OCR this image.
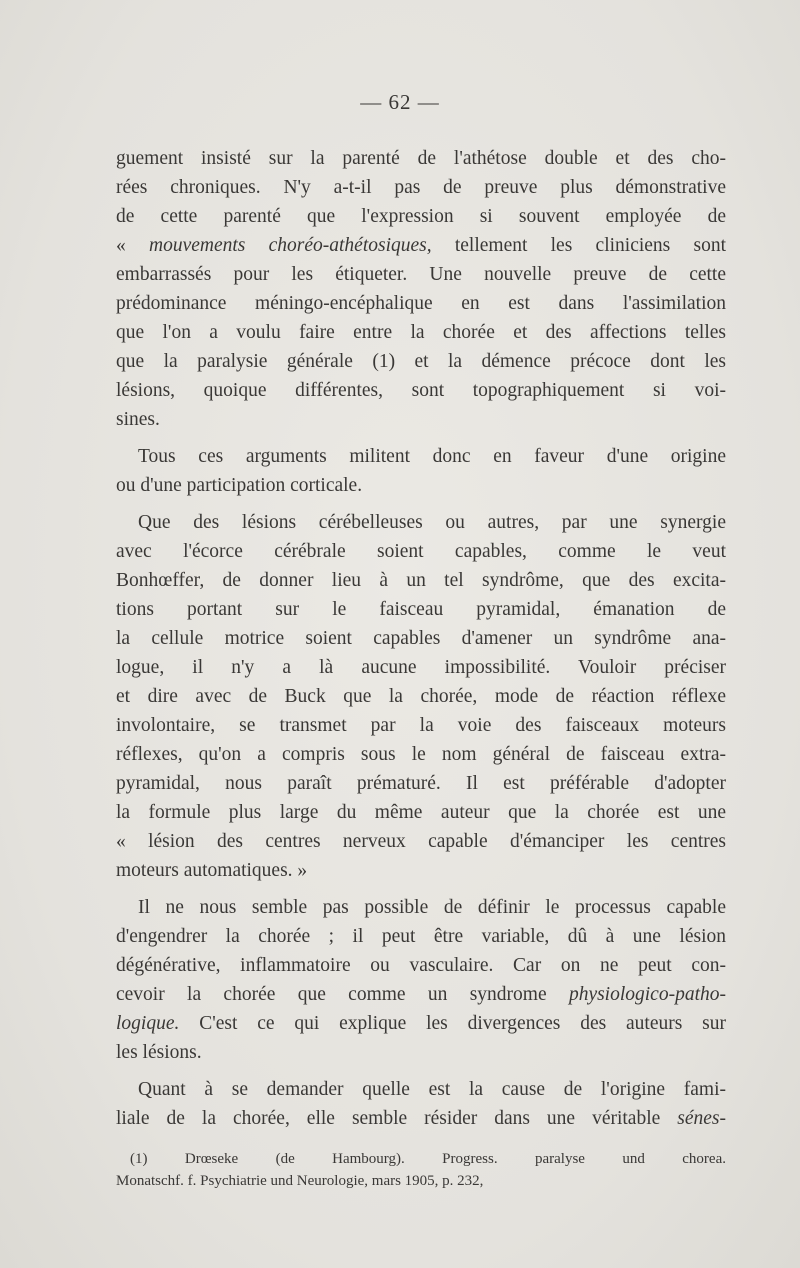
— 62 —
guement insisté sur la parenté de l'athétose double et des cho-
rées chroniques. N'y a-t-il pas de preuve plus démonstrative
de cette parenté que l'expression si souvent employée de
« mouvements choréo-athétosiques, tellement les cliniciens sont
embarrassés pour les étiqueter. Une nouvelle preuve de cette
prédominance méningo-encéphalique en est dans l'assimilation
que l'on a voulu faire entre la chorée et des affections telles
que la paralysie générale (1) et la démence précoce dont les
lésions, quoique différentes, sont topographiquement si voi-
sines.
Tous ces arguments militent donc en faveur d'une origine
ou d'une participation corticale.
Que des lésions cérébelleuses ou autres, par une synergie
avec l'écorce cérébrale soient capables, comme le veut
Bonhœffer, de donner lieu à un tel syndrôme, que des excita-
tions portant sur le faisceau pyramidal, émanation de
la cellule motrice soient capables d'amener un syndrôme ana-
logue, il n'y a là aucune impossibilité. Vouloir préciser
et dire avec de Buck que la chorée, mode de réaction réflexe
involontaire, se transmet par la voie des faisceaux moteurs
réflexes, qu'on a compris sous le nom général de faisceau extra-
pyramidal, nous paraît prématuré. Il est préférable d'adopter
la formule plus large du même auteur que la chorée est une
« lésion des centres nerveux capable d'émanciper les centres
moteurs automatiques. »
Il ne nous semble pas possible de définir le processus capable
d'engendrer la chorée ; il peut être variable, dû à une lésion
dégénérative, inflammatoire ou vasculaire. Car on ne peut con-
cevoir la chorée que comme un syndrome physiologico-patho-
logique. C'est ce qui explique les divergences des auteurs sur
les lésions.
Quant à se demander quelle est la cause de l'origine fami-
liale de la chorée, elle semble résider dans une véritable sénes-
(1) Drœseke (de Hambourg). Progress. paralyse und chorea.
Monatschf. f. Psychiatrie und Neurologie, mars 1905, p. 232,
